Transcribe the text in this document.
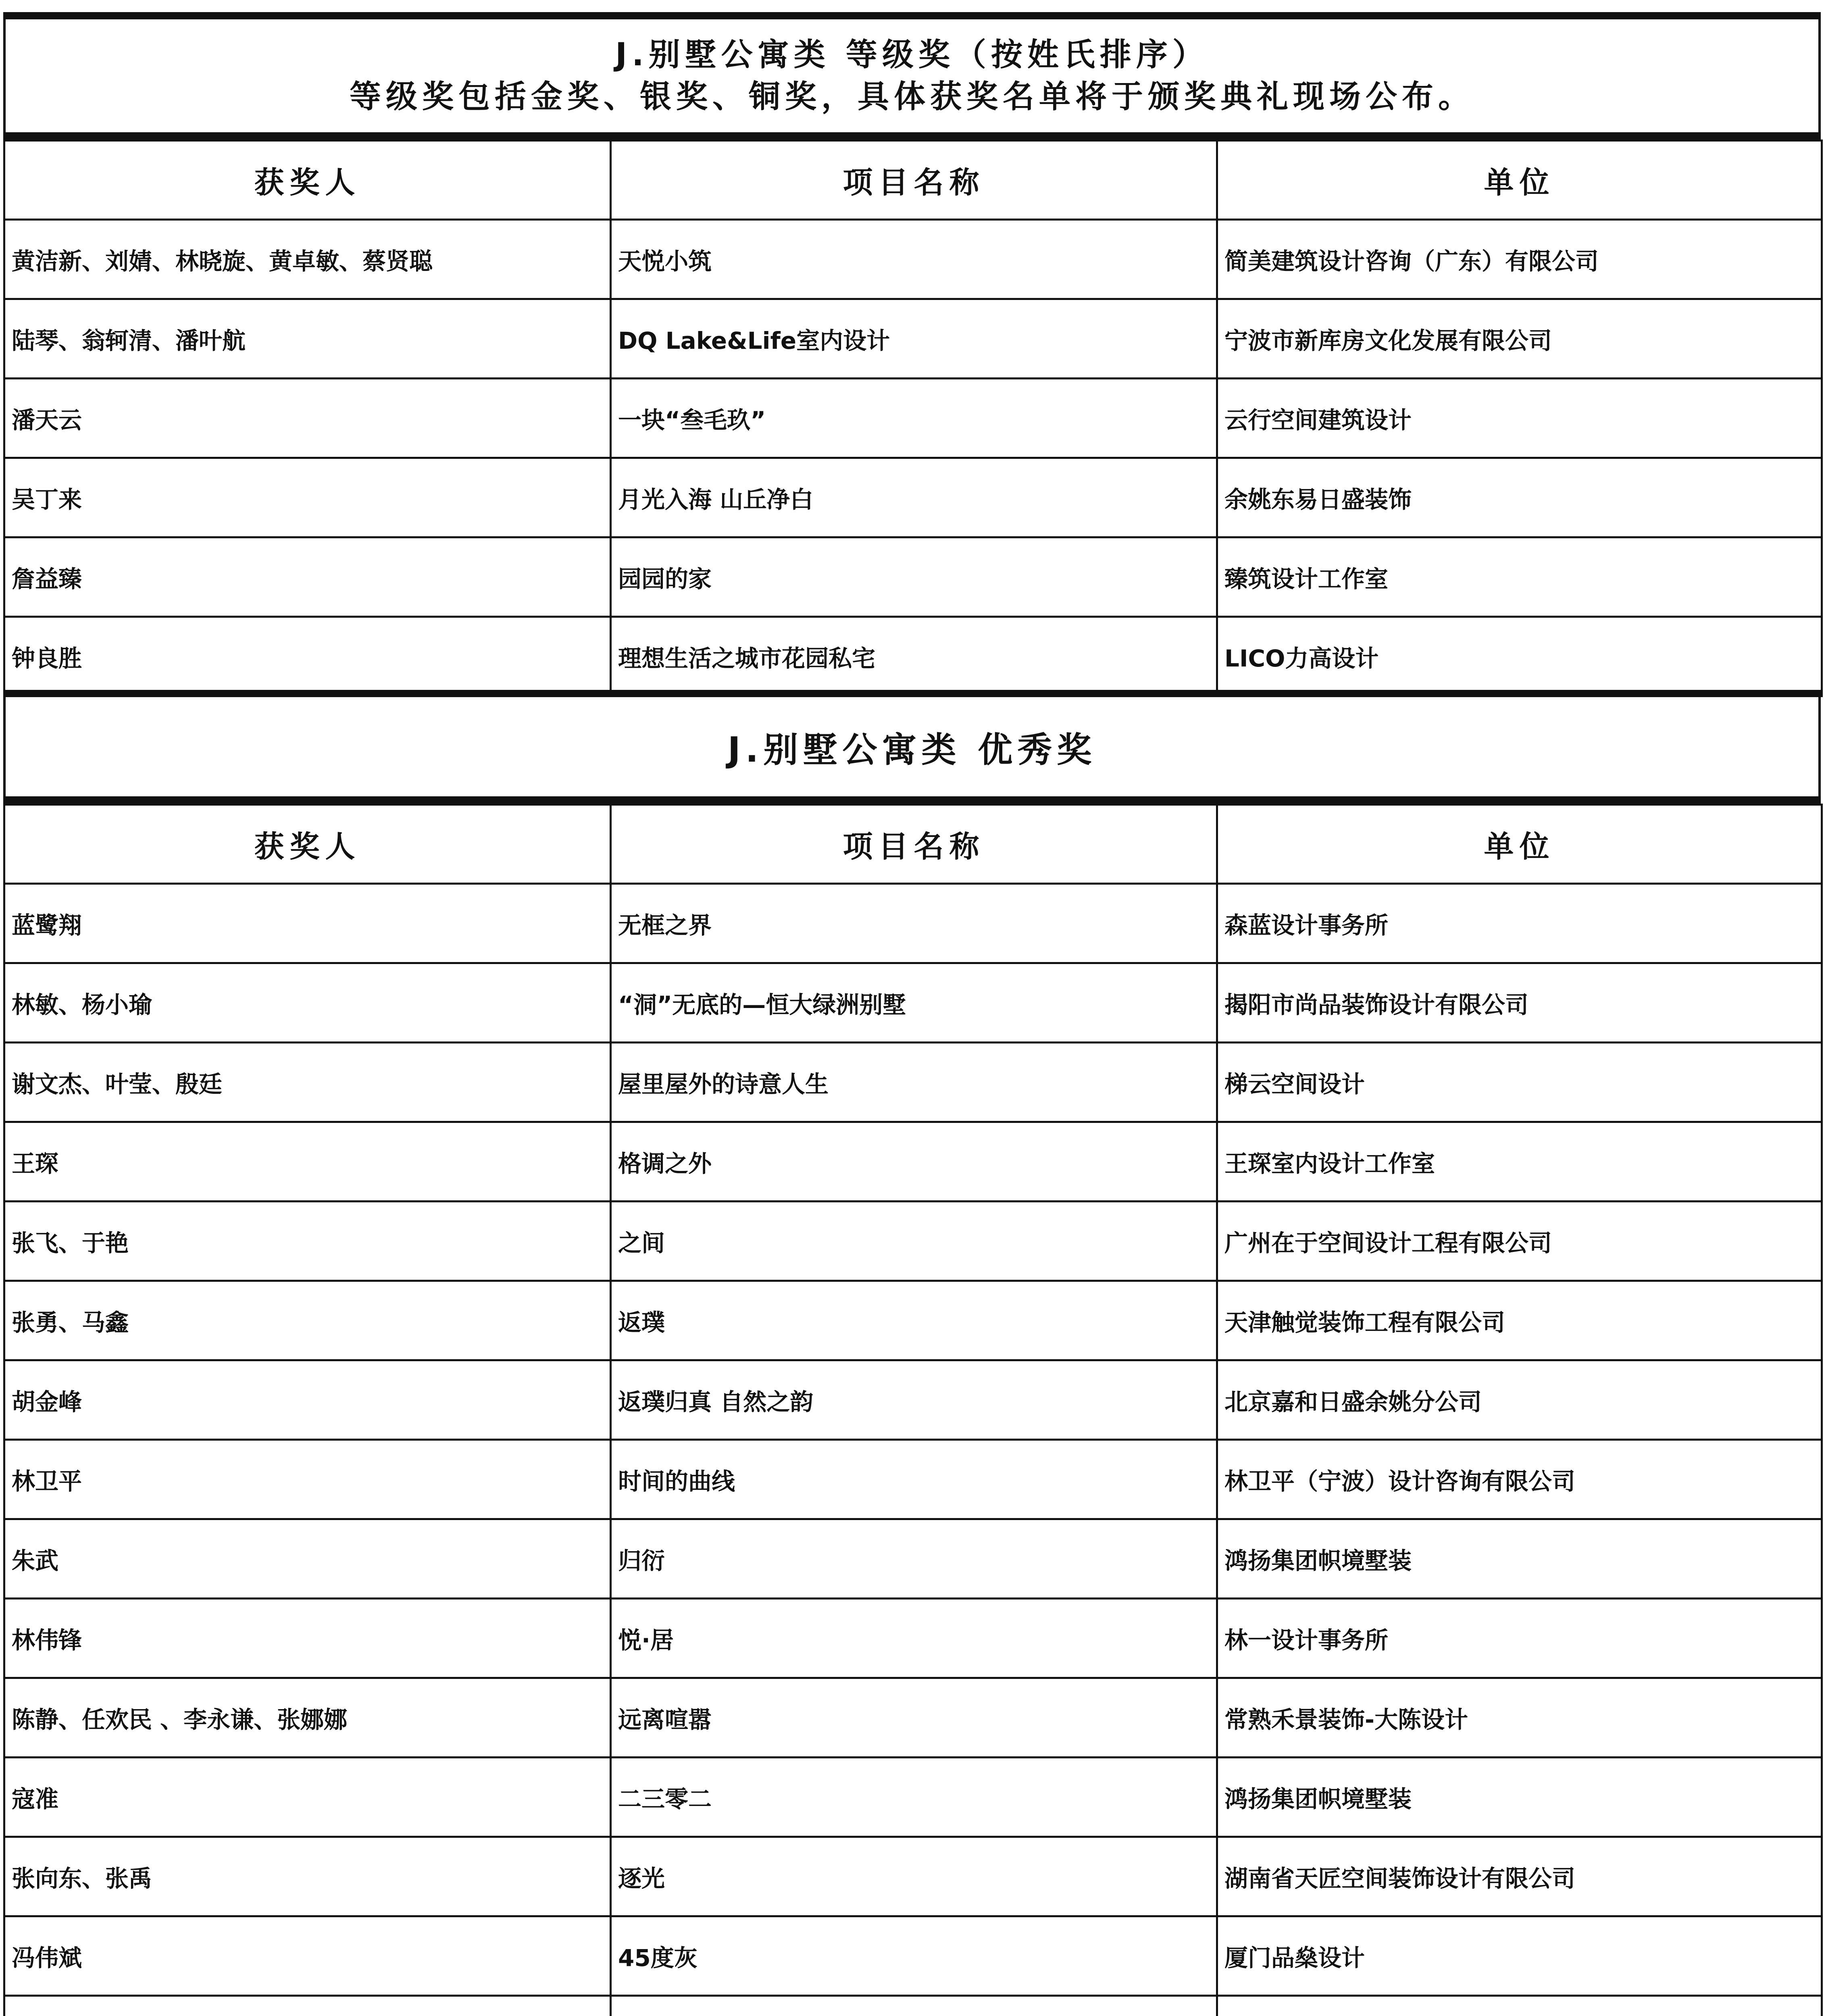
J.别墅公寓类 等级奖（按姓氏排序）
等级奖包括金奖、银奖、铜奖，具体获奖名单将于颁奖典礼现场公布。
获奖人	项目名称	单位
黄洁新、刘婧、林晓旋、黄卓敏、蔡贤聪	天悦小筑	简美建筑设计咨询（广东）有限公司
陆琴、翁轲清、潘叶航	DQ Lake&Life室内设计	宁波市新库房文化发展有限公司
潘天云	一块“叁毛玖”	云行空间建筑设计
吴丁来	月光入海 山丘净白	余姚东易日盛装饰
詹益臻	园园的家	臻筑设计工作室
钟良胜	理想生活之城市花园私宅	LICO力高设计
J.别墅公寓类 优秀奖
获奖人	项目名称	单位
蓝鹭翔	无框之界	森蓝设计事务所
林敏、杨小瑜	“洞”无底的—恒大绿洲别墅	揭阳市尚品装饰设计有限公司
谢文杰、叶莹、殷廷	屋里屋外的诗意人生	梯云空间设计
王琛	格调之外	王琛室内设计工作室
张飞、于艳	之间	广州在于空间设计工程有限公司
张勇、马鑫	返璞	天津触觉装饰工程有限公司
胡金峰	返璞归真 自然之韵	北京嘉和日盛余姚分公司
林卫平	时间的曲线	林卫平（宁波）设计咨询有限公司
朱武	归衍	鸿扬集团帜境墅装
林伟锋	悦·居	林一设计事务所
陈静、任欢民 、李永谦、张娜娜	远离喧嚣	常熟禾景装饰-大陈设计
寇准	二三零二	鸿扬集团帜境墅装
张向东、张禹	逐光	湖南省天匠空间装饰设计有限公司
冯伟斌	45度灰	厦门品燊设计
